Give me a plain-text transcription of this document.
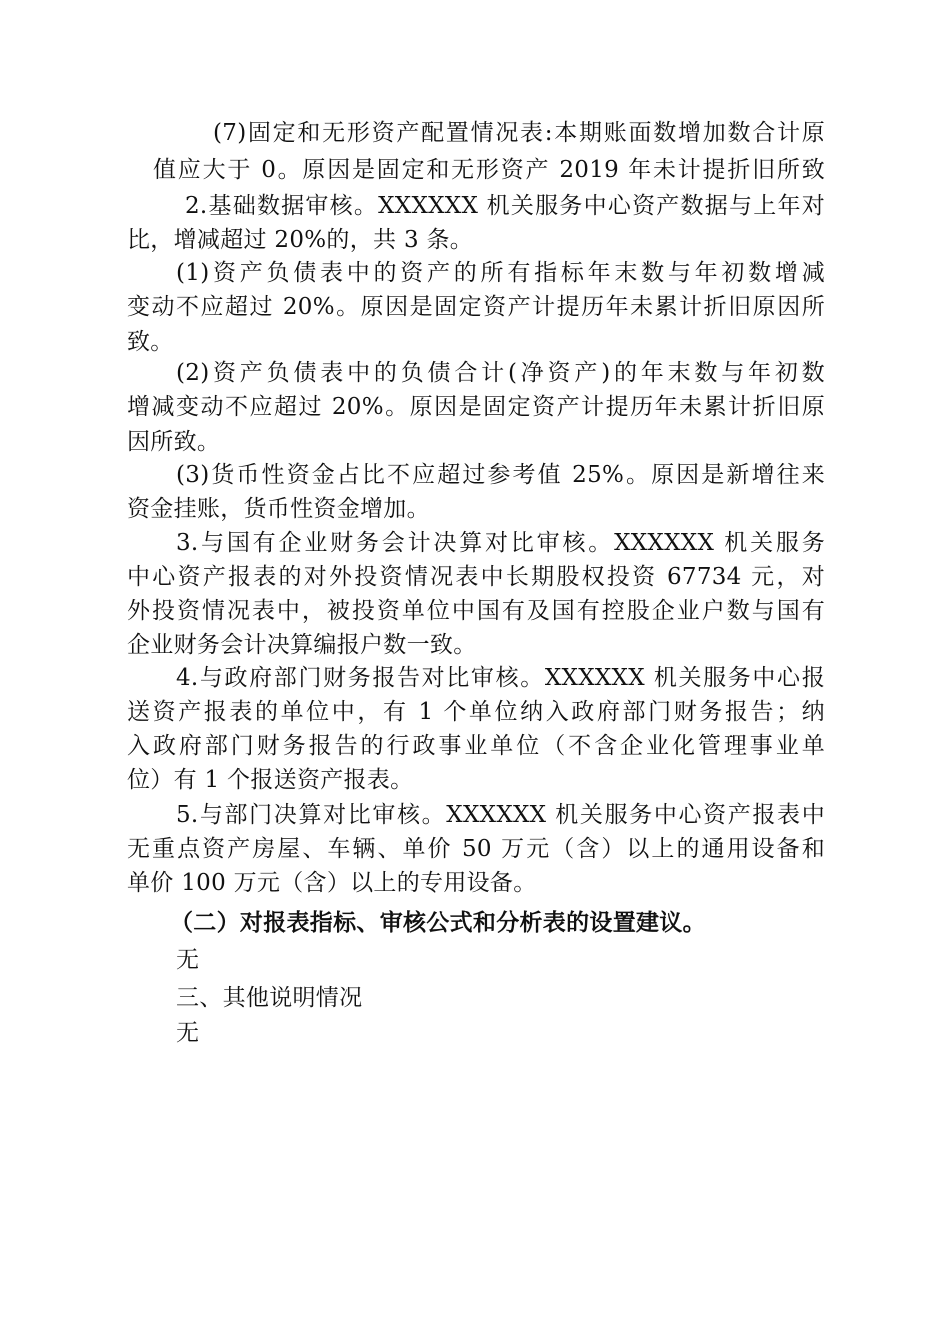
(7)固定和无形资产配置情况表:本期账面数增加数合计原
值应大于 0。原因是固定和无形资产 2019 年未计提折旧所致
2.基础数据审核。XXXXXX 机关服务中心资产数据与上年对
比，增减超过 20%的，共 3 条。
(1)资产负债表中的资产的所有指标年末数与年初数增减
变动不应超过 20%。原因是固定资产计提历年未累计折旧原因所
致。
(2)资产负债表中的负债合计(净资产)的年末数与年初数
增减变动不应超过 20%。原因是固定资产计提历年未累计折旧原
因所致。
(3)货币性资金占比不应超过参考值 25%。原因是新增往来
资金挂账，货币性资金增加。
3.与国有企业财务会计决算对比审核。XXXXXX 机关服务
中心资产报表的对外投资情况表中长期股权投资 67734 元，对
外投资情况表中，被投资单位中国有及国有控股企业户数与国有
企业财务会计决算编报户数一致。
4.与政府部门财务报告对比审核。XXXXXX 机关服务中心报
送资产报表的单位中，有 1 个单位纳入政府部门财务报告；纳
入政府部门财务报告的行政事业单位（不含企业化管理事业单
位）有 1 个报送资产报表。
5.与部门决算对比审核。XXXXXX 机关服务中心资产报表中
无重点资产房屋、车辆、单价 50 万元（含）以上的通用设备和
单价 100 万元（含）以上的专用设备。
（二）对报表指标、审核公式和分析表的设置建议。
无
三、其他说明情况
无
